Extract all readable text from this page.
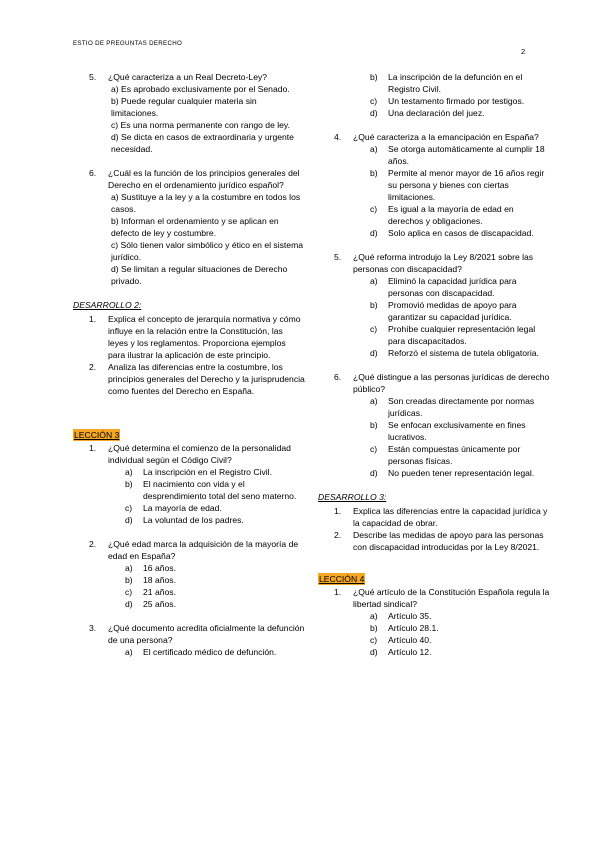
ESTIO DE PREGUNTAS DERECHO
2
5. ¿Qué caracteriza a un Real Decreto-Ley?
a) Es aprobado exclusivamente por el Senado.
b) Puede regular cualquier materia sin limitaciones.
c) Es una norma permanente con rango de ley.
d) Se dicta en casos de extraordinaria y urgente necesidad.
6. ¿Cuál es la función de los principios generales del Derecho en el ordenamiento jurídico español?
a) Sustituye a la ley y a la costumbre en todos los casos.
b) Informan el ordenamiento y se aplican en defecto de ley y costumbre.
c) Sólo tienen valor simbólico y ético en el sistema jurídico.
d) Se limitan a regular situaciones de Derecho privado.
DESARROLLO 2:
1. Explica el concepto de jerarquía normativa y cómo influye en la relación entre la Constitución, las leyes y los reglamentos. Proporciona ejemplos para ilustrar la aplicación de este principio.
2. Analiza las diferencias entre la costumbre, los principios generales del Derecho y la jurisprudencia como fuentes del Derecho en España.
LECCIÓN 3
1. ¿Qué determina el comienzo de la personalidad individual según el Código Civil?
a) La inscripción en el Registro Civil.
b) El nacimiento con vida y el desprendimiento total del seno materno.
c) La mayoría de edad.
d) La voluntad de los padres.
2. ¿Qué edad marca la adquisición de la mayoría de edad en España?
a) 16 años.
b) 18 años.
c) 21 años.
d) 25 años.
3. ¿Qué documento acredita oficialmente la defunción de una persona?
a) El certificado médico de defunción.
b) La inscripción de la defunción en el Registro Civil.
c) Un testamento firmado por testigos.
d) Una declaración del juez.
4. ¿Qué caracteriza a la emancipación en España?
a) Se otorga automáticamente al cumplir 18 años.
b) Permite al menor mayor de 16 años regir su persona y bienes con ciertas limitaciones.
c) Es igual a la mayoría de edad en derechos y obligaciones.
d) Solo aplica en casos de discapacidad.
5. ¿Qué reforma introdujo la Ley 8/2021 sobre las personas con discapacidad?
a) Eliminó la capacidad jurídica para personas con discapacidad.
b) Promovió medidas de apoyo para garantizar su capacidad jurídica.
c) Prohíbe cualquier representación legal para discapacitados.
d) Reforzó el sistema de tutela obligatoria.
6. ¿Qué distingue a las personas jurídicas de derecho público?
a) Son creadas directamente por normas jurídicas.
b) Se enfocan exclusivamente en fines lucrativos.
c) Están compuestas únicamente por personas físicas.
d) No pueden tener representación legal.
DESARROLLO 3:
1. Explica las diferencias entre la capacidad jurídica y la capacidad de obrar.
2. Describe las medidas de apoyo para las personas con discapacidad introducidas por la Ley 8/2021.
LECCIÓN 4
1. ¿Qué artículo de la Constitución Española regula la libertad sindical?
a) Artículo 35.
b) Artículo 28.1.
c) Artículo 40.
d) Artículo 12.
